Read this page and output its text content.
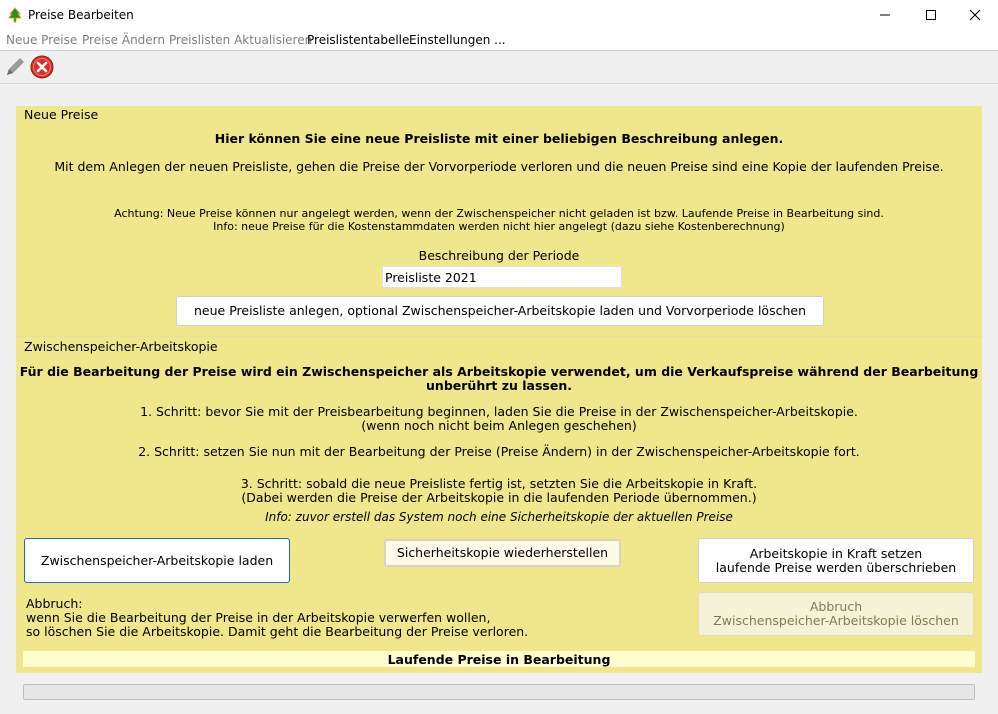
Preise Bearbeiten
Neue Preise Preise Ändern Preislisten Aktualisieren
Preislistentabelle Einstellungen ...
Neue Preise
Hier können Sie eine neue Preisliste mit einer beliebigen Beschreibung anlegen.
Mit dem Anlegen der neuen Preisliste, gehen die Preise der Vorvorperiode verloren und die neuen Preise sind eine Kopie der laufenden Preise.
Achtung: Neue Preise können nur angelegt werden, wenn der Zwischenspeicher nicht geladen ist bzw. Laufende Preise in Bearbeitung sind.
Info: neue Preise für die Kostenstammdaten werden nicht hier angelegt (dazu siehe Kostenberechnung)
Beschreibung der Periode
Preisliste 2021
neue Preisliste anlegen, optional Zwischenspeicher-Arbeitskopie laden und Vorvorperiode löschen
Zwischenspeicher-Arbeitskopie
Für die Bearbeitung der Preise wird ein Zwischenspeicher als Arbeitskopie verwendet, um die Verkaufspreise während der Bearbeitung
unberührt zu lassen.
1. Schritt: bevor Sie mit der Preisbearbeitung beginnen, laden Sie die Preise in der Zwischenspeicher-Arbeitskopie.
(wenn noch nicht beim Anlegen geschehen)
2. Schritt: setzen Sie nun mit der Bearbeitung der Preise (Preise Ändern) in der Zwischenspeicher-Arbeitskopie fort.
3. Schritt: sobald die neue Preisliste fertig ist, setzten Sie die Arbeitskopie in Kraft.
(Dabei werden die Preise der Arbeitskopie in die laufenden Periode übernommen.)
Info: zuvor erstell das System noch eine Sicherheitskopie der aktuellen Preise
Zwischenspeicher-Arbeitskopie laden	Sicherheitskopie wiederherstellen	Arbeitskopie in Kraft setzen
laufende Preise werden überschrieben
Abbruch:
wenn Sie die Bearbeitung der Preise in der Arbeitskopie verwerfen wollen,
so löschen Sie die Arbeitskopie. Damit geht die Bearbeitung der Preise verloren.
Abbruch
Zwischenspeicher-Arbeitskopie löschen
Laufende Preise in Bearbeitung
